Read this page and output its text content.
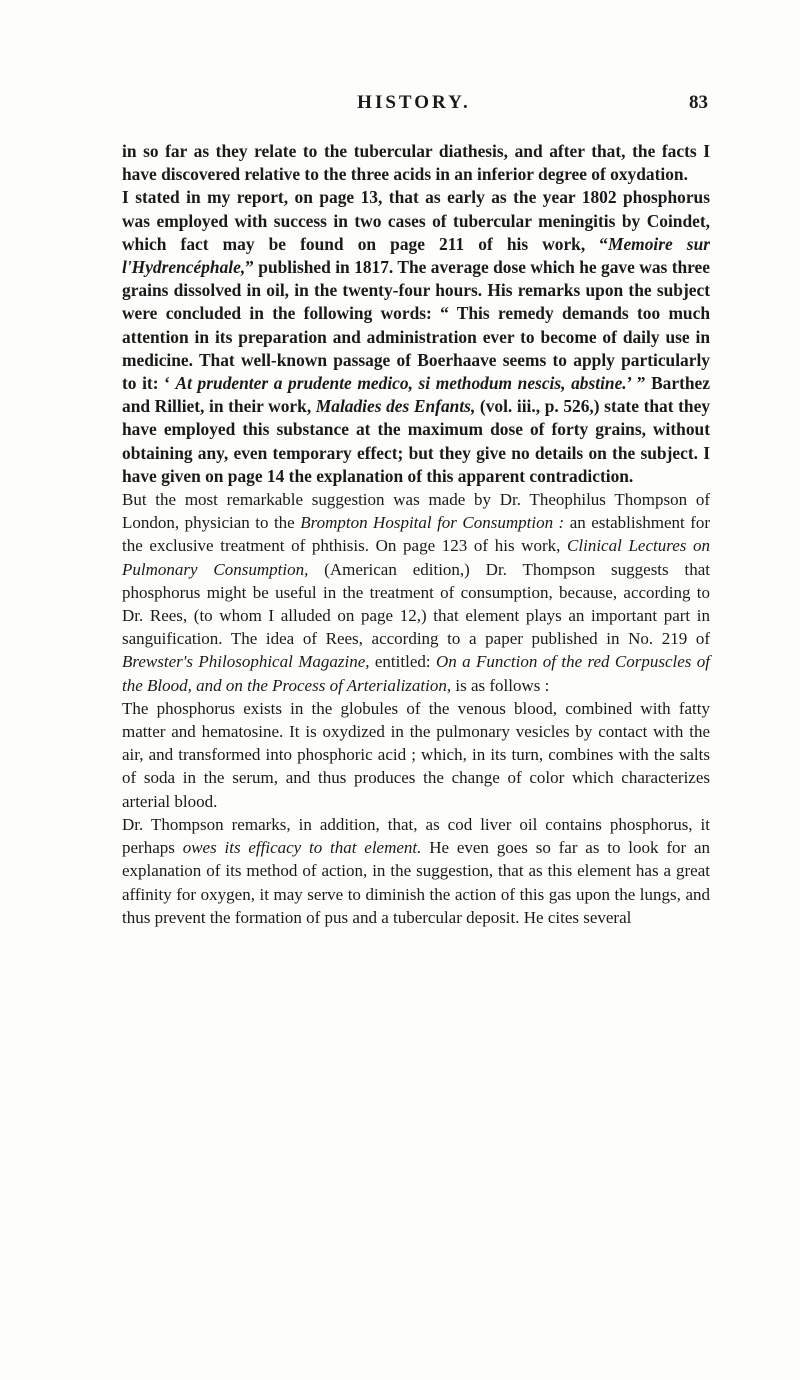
HISTORY.	83

in so far as they relate to the tubercular diathesis, and after that, the facts I have discovered relative to the three acids in an inferior degree of oxydation.

I stated in my report, on page 13, that as early as the year 1802 phosphorus was employed with success in two cases of tubercular meningitis by Coindet, which fact may be found on page 211 of his work, “Memoire sur l'Hydrencéphale,” published in 1817. The average dose which he gave was three grains dissolved in oil, in the twenty-four hours. His remarks upon the subject were concluded in the following words: “ This remedy demands too much attention in its preparation and administration ever to become of daily use in medicine. That well-known passage of Boerhaave seems to apply particularly to it: ‘ At prudenter a prudente medico, si methodum nescis, abstine.’ ” Barthez and Rilliet, in their work, Maladies des Enfants, (vol. iii., p. 526,) state that they have employed this substance at the maximum dose of forty grains, without obtaining any, even temporary effect; but they give no details on the subject. I have given on page 14 the explanation of this apparent contradiction.

But the most remarkable suggestion was made by Dr. Theophilus Thompson of London, physician to the Brompton Hospital for Consumption : an establishment for the exclusive treatment of phthisis. On page 123 of his work, Clinical Lectures on Pulmonary Consumption, (American edition,) Dr. Thompson suggests that phosphorus might be useful in the treatment of consumption, because, according to Dr. Rees, (to whom I alluded on page 12,) that element plays an important part in sanguification. The idea of Rees, according to a paper published in No. 219 of Brewster's Philosophical Magazine, entitled: On a Function of the red Corpuscles of the Blood, and on the Process of Arterialization, is as follows :

The phosphorus exists in the globules of the venous blood, combined with fatty matter and hematosine. It is oxydized in the pulmonary vesicles by contact with the air, and transformed into phosphoric acid ; which, in its turn, combines with the salts of soda in the serum, and thus produces the change of color which characterizes arterial blood.

Dr. Thompson remarks, in addition, that, as cod liver oil contains phosphorus, it perhaps owes its efficacy to that element. He even goes so far as to look for an explanation of its method of action, in the suggestion, that as this element has a great affinity for oxygen, it may serve to diminish the action of this gas upon the lungs, and thus prevent the formation of pus and a tubercular deposit. He cites several
